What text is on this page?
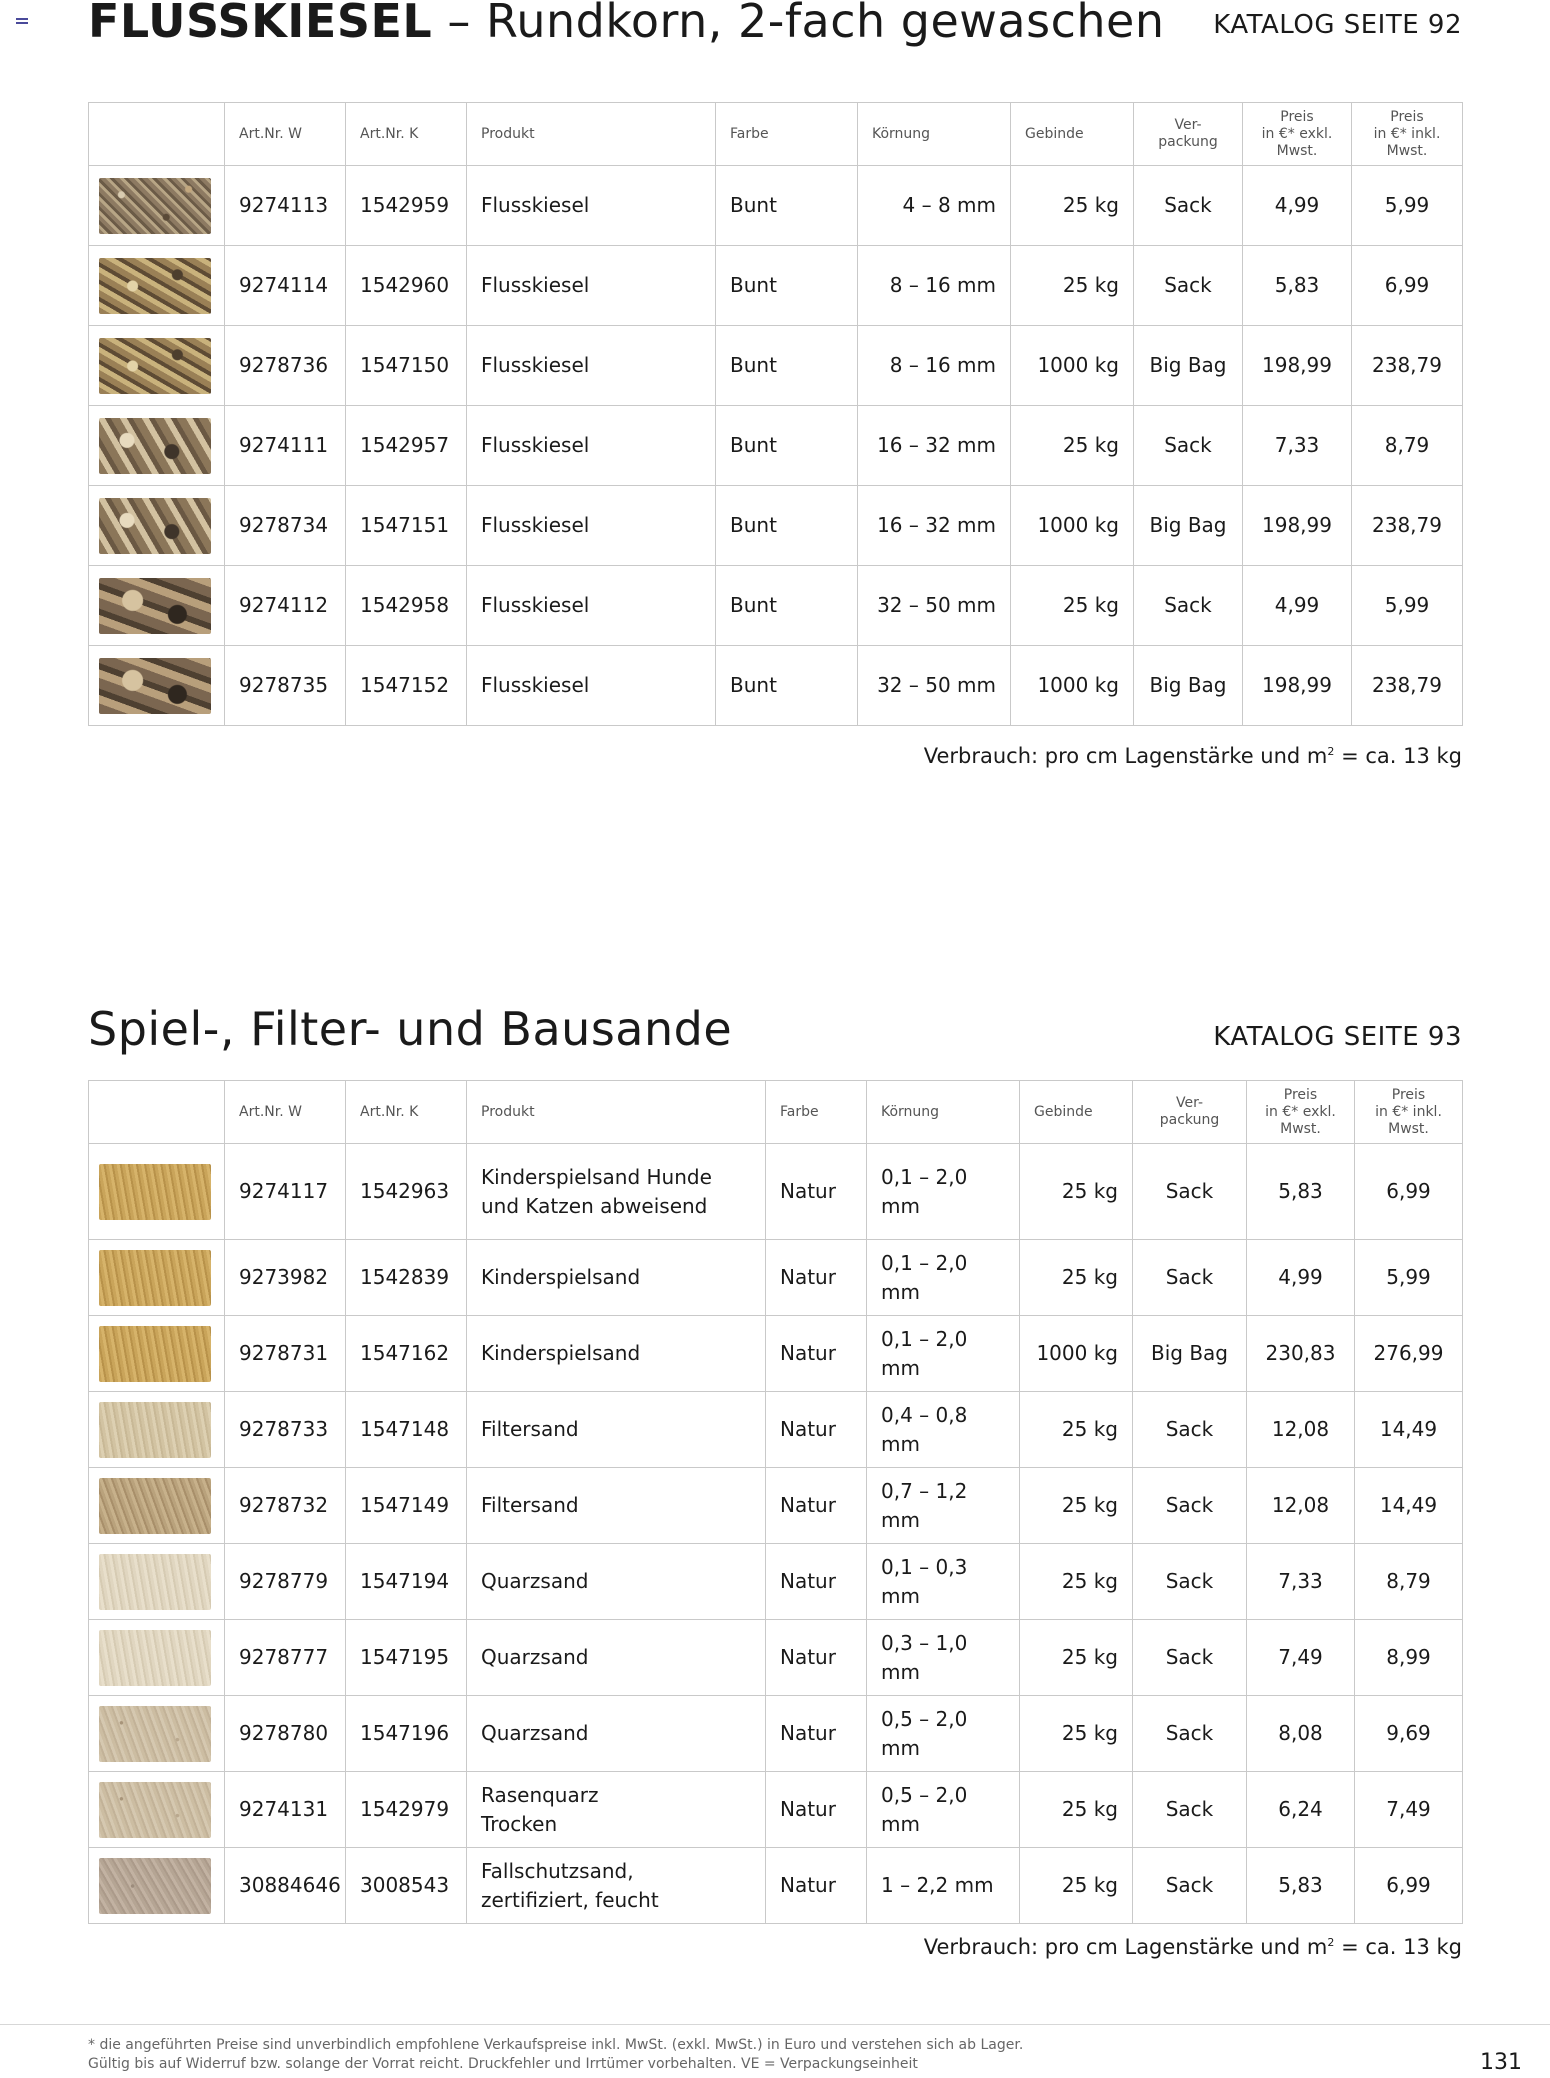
FLUSSKIESEL – Rundkorn, 2-fach gewaschen KATALOG SEITE 92
	Art.Nr. W	Art.Nr. K	Produkt	Farbe	Körnung	Gebinde	Ver-
packung	Preis
in €* exkl.
Mwst.	Preis
in €* inkl.
Mwst.

	9274113	1542959	Flusskiesel	Bunt	4 – 8 mm	25 kg	Sack	4,99	5,99

	9274114	1542960	Flusskiesel	Bunt	8 – 16 mm	25 kg	Sack	5,83	6,99

	9278736	1547150	Flusskiesel	Bunt	8 – 16 mm	1000 kg	Big Bag	198,99	238,79

	9274111	1542957	Flusskiesel	Bunt	16 – 32 mm	25 kg	Sack	7,33	8,79

	9278734	1547151	Flusskiesel	Bunt	16 – 32 mm	1000 kg	Big Bag	198,99	238,79

	9274112	1542958	Flusskiesel	Bunt	32 – 50 mm	25 kg	Sack	4,99	5,99

	9278735	1547152	Flusskiesel	Bunt	32 – 50 mm	1000 kg	Big Bag	198,99	238,79
Verbrauch: pro cm Lagenstärke und $m^2$ = ca. 13 kg
Spiel-, Filter- und Bausande	KATALOG SEITE 93
	Art.Nr. W	Art.Nr. K	Produkt	Farbe	Körnung	Gebinde	Ver-
packung	Preis
in €* exkl.
Mwst.	Preis
in €* inkl.
Mwst.

	9274117	1542963	Kinderspielsand Hunde und Katzen abweisend	Natur	0,1 – 2,0 mm	25 kg	Sack	5,83	6,99

	9273982	1542839	Kinderspielsand	Natur	0,1 – 2,0 mm	25 kg	Sack	4,99	5,99

	9278731	1547162	Kinderspielsand	Natur	0,1 – 2,0 mm	1000 kg	Big Bag	230,83	276,99

	9278733	1547148	Filtersand	Natur	0,4 – 0,8 mm	25 kg	Sack	12,08	14,49

	9278732	1547149	Filtersand	Natur	0,7 – 1,2 mm	25 kg	Sack	12,08	14,49

	9278779	1547194	Quarzsand	Natur	0,1 – 0,3 mm	25 kg	Sack	7,33	8,79

	9278777	1547195	Quarzsand	Natur	0,3 – 1,0 mm	25 kg	Sack	7,49	8,99

	9278780	1547196	Quarzsand	Natur	0,5 – 2,0 mm	25 kg	Sack	8,08	9,69

	9274131	1542979	Rasenquarz
Trocken	Natur	0,5 – 2,0 mm	25 kg	Sack	6,24	7,49

	30884646	3008543	Fallschutzsand,
zertifiziert, feucht	Natur	1 – 2,2 mm	25 kg	Sack	5,83	6,99
Verbrauch: pro cm Lagenstärke und $m^2$ = ca. 13 kg
* die angeführten Preise sind unverbindlich empfohlene Verkaufspreise inkl. MwSt. (exkl. MwSt.) in Euro und verstehen sich ab Lager.
Gültig bis auf Widerruf bzw. solange der Vorrat reicht. Druckfehler und Irrtümer vorbehalten. VE = Verpackungseinheit	131
